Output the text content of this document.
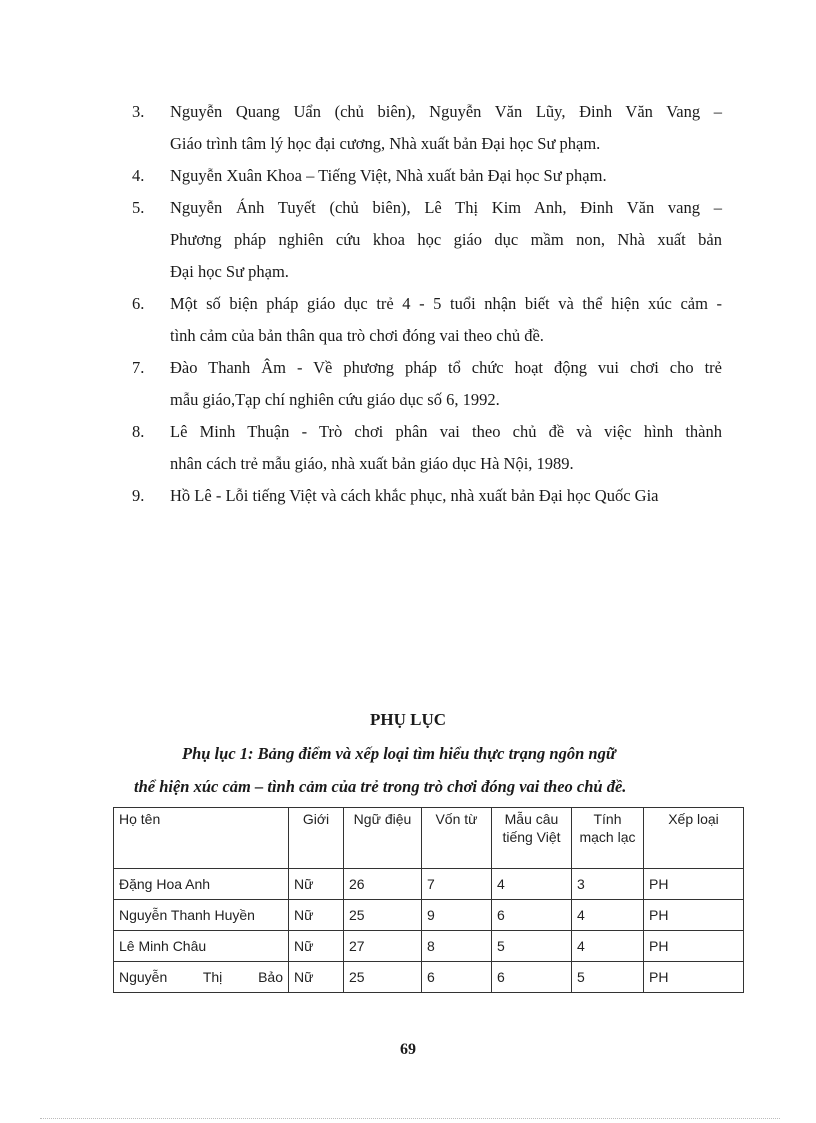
3. Nguyễn Quang Uẩn (chủ biên), Nguyễn Văn Lũy, Đinh Văn Vang –
Giáo trình tâm lý học đại cương, Nhà xuất bản Đại học Sư phạm.
4. Nguyễn Xuân Khoa – Tiếng Việt, Nhà xuất bản Đại học Sư phạm.
5. Nguyễn Ánh Tuyết (chủ biên), Lê Thị Kim Anh, Đinh Văn vang –
Phương pháp nghiên cứu khoa học giáo dục mầm non, Nhà xuất bản
Đại học Sư phạm.
6. Một số biện pháp giáo dục trẻ 4 - 5 tuổi nhận biết và thể hiện xúc cảm -
tình cảm của bản thân qua trò chơi đóng vai theo chủ đề.
7. Đào Thanh Âm - Về phương pháp tổ chức hoạt động vui chơi cho trẻ
mẫu giáo,Tạp chí nghiên cứu giáo dục số 6, 1992.
8. Lê Minh Thuận - Trò chơi phân vai theo chủ đề và việc hình thành
nhân cách trẻ mẫu giáo, nhà xuất bản giáo dục Hà Nội, 1989.
9. Hồ Lê - Lỗi tiếng Việt và cách khắc phục, nhà xuất bản Đại học Quốc Gia
PHỤ LỤC
Phụ lục 1: Bảng điểm và xếp loại tìm hiểu thực trạng ngôn ngữ
thể hiện xúc cảm – tình cảm của trẻ trong trò chơi đóng vai theo chủ đề.
Họ tên	Giới	Ngữ điệu	Vốn từ	Mẫu câu tiếng Việt	Tính mạch lạc	Xếp loại
Đặng Hoa Anh	Nữ	26	7	4	3	PH
Nguyễn Thanh Huyền	Nữ	25	9	6	4	PH
Lê Minh Châu	Nữ	27	8	5	4	PH
Nguyễn Thị Bảo	Nữ	25	6	6	5	PH
69
